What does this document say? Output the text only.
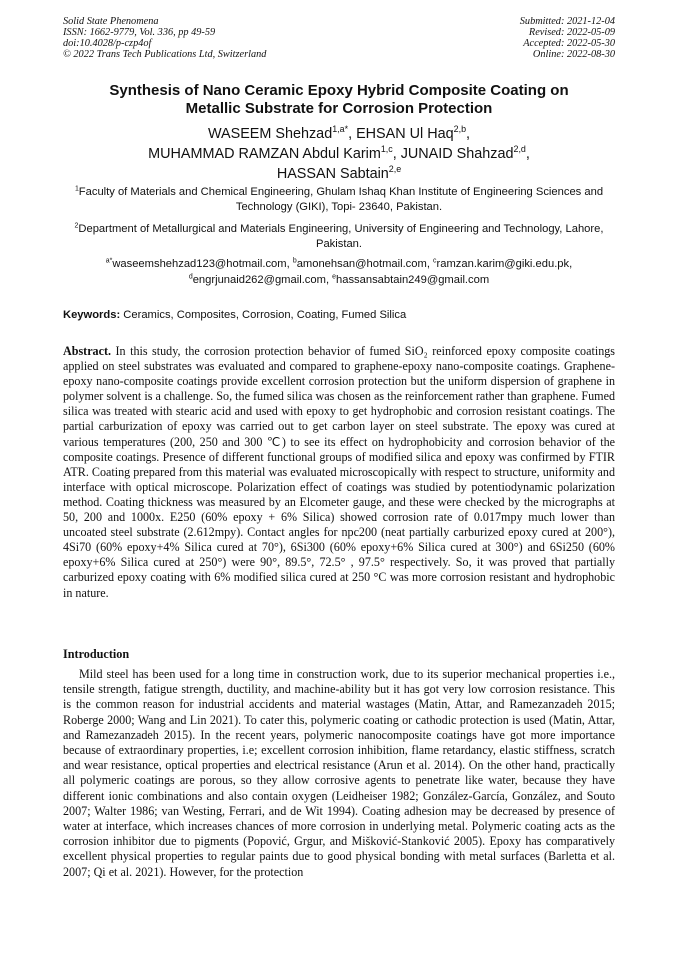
Solid State Phenomena
ISSN: 1662-9779, Vol. 336, pp 49-59
doi:10.4028/p-czp4of
© 2022 Trans Tech Publications Ltd, Switzerland
Submitted: 2021-12-04
Revised: 2022-05-09
Accepted: 2022-05-30
Online: 2022-08-30
Synthesis of Nano Ceramic Epoxy Hybrid Composite Coating on
Metallic Substrate for Corrosion Protection
WASEEM Shehzad$^{1,a*}$, EHSAN Ul Haq$^{2,b}$,
MUHAMMAD RAMZAN Abdul Karim$^{1,c}$, JUNAID Shahzad$^{2,d}$,
HASSAN Sabtain$^{2,e}$
$^1$Faculty of Materials and Chemical Engineering, Ghulam Ishaq Khan Institute of Engineering Sciences and Technology (GIKI), Topi- 23640, Pakistan.
$^2$Department of Metallurgical and Materials Engineering, University of Engineering and Technology, Lahore, Pakistan.
$^{a*}$waseemshehzad123@hotmail.com, $^b$amonehsan@hotmail.com, $^c$ramzan.karim@giki.edu.pk,
$^d$engrjunaid262@gmail.com, $^e$hassansabtain249@gmail.com
Keywords: Ceramics, Composites, Corrosion, Coating, Fumed Silica
Abstract. In this study, the corrosion protection behavior of fumed SiO₂ reinforced epoxy composite coatings applied on steel substrates was evaluated and compared to graphene-epoxy nano-composite coatings. Graphene-epoxy nano-composite coatings provide excellent corrosion protection but the uniform dispersion of graphene in polymer solvent is a challenge. So, the fumed silica was chosen as the reinforcement rather than graphene. Fumed silica was treated with stearic acid and used with epoxy to get hydrophobic and corrosion resistant coatings. The partial carburization of epoxy was carried out to get carbon layer on steel substrate. The epoxy was cured at various temperatures (200, 250 and 300 ℃) to see its effect on hydrophobicity and corrosion behavior of the composite coatings. Presence of different functional groups of modified silica and epoxy was confirmed by FTIR ATR. Coating prepared from this material was evaluated microscopically with respect to structure, uniformity and interface with optical microscope. Polarization effect of coatings was studied by potentiodynamic polarization method. Coating thickness was measured by an Elcometer gauge, and these were checked by the micrographs at 50, 200 and 1000x. E250 (60% epoxy + 6% Silica) showed corrosion rate of 0.017mpy much lower than uncoated steel substrate (2.612mpy). Contact angles for npc200 (neat partially carburized epoxy cured at 200°), 4Si70 (60% epoxy+4% Silica cured at 70°), 6Si300 (60% epoxy+6% Silica cured at 300°) and 6Si250 (60% epoxy+6% Silica cured at 250°) were 90°, 89.5°, 72.5° , 97.5° respectively. So, it was proved that partially carburized epoxy coating with 6% modified silica cured at 250 °C was more corrosion resistant and hydrophobic in nature.
Introduction
Mild steel has been used for a long time in construction work, due to its superior mechanical properties i.e., tensile strength, fatigue strength, ductility, and machine-ability but it has got very low corrosion resistance. This is the common reason for industrial accidents and material wastages (Matin, Attar, and Ramezanzadeh 2015; Roberge 2000; Wang and Lin 2021). To cater this, polymeric coating or cathodic protection is used (Matin, Attar, and Ramezanzadeh 2015). In the recent years, polymeric nanocomposite coatings have got more importance because of extraordinary properties, i.e; excellent corrosion inhibition, flame retardancy, elastic stiffness, scratch and wear resistance, optical properties and electrical resistance (Arun et al. 2014). On the other hand, practically all polymeric coatings are porous, so they allow corrosive agents to penetrate like water, because they have different ionic combinations and also contain oxygen (Leidheiser 1982; González-García, González, and Souto 2007; Walter 1986; van Westing, Ferrari, and de Wit 1994). Coating adhesion may be decreased by presence of water at interface, which increases chances of more corrosion in underlying metal. Polymeric coating acts as the corrosion inhibitor due to pigments (Popović, Grgur, and Mišković-Stanković 2005). Epoxy has comparatively excellent physical properties to regular paints due to good physical bonding with metal surfaces (Barletta et al. 2007; Qi et al. 2021). However, for the protection
